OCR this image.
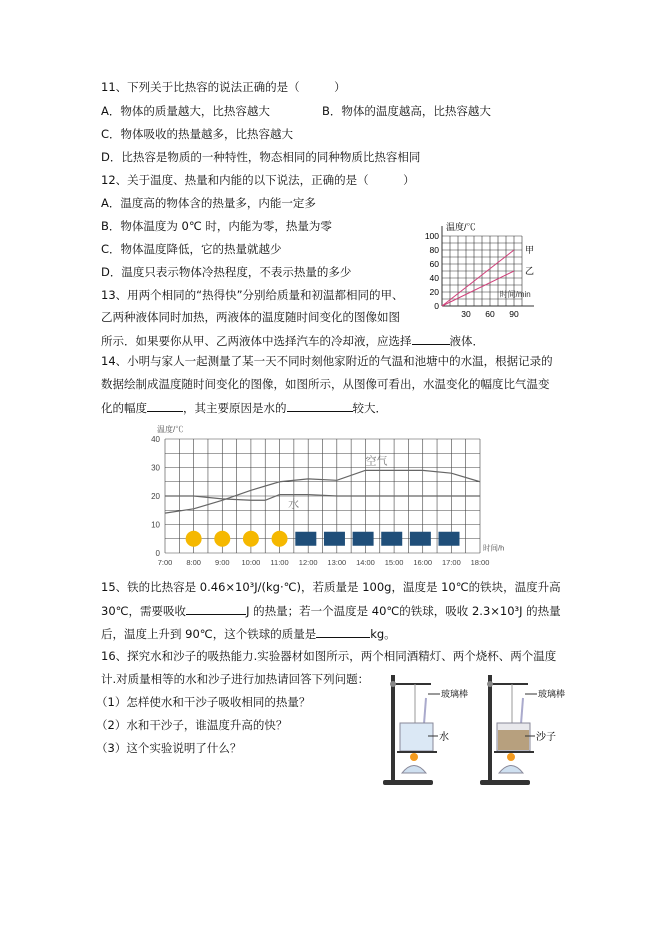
11、下列关于比热容的说法正确的是（　　　）
A．物体的质量越大，比热容越大	B．物体的温度越高，比热容越大
C．物体吸收的热量越多，比热容越大
D．比热容是物质的一种特性，物态相同的同种物质比热容相同
12、关于温度、热量和内能的以下说法，正确的是（　　　）
A．温度高的物体含的热量多，内能一定多
B．物体温度为 0℃ 时，内能为零，热量为零
C．物体温度降低，它的热量就越少
D．温度只表示物体冷热程度，不表示热量的多少
13、用两个相同的“热得快”分别给质量和初温都相同的甲、
乙两种液体同时加热，两液体的温度随时间变化的图像如图
所示．如果要你从甲、乙两液体中选择汽车的冷却液，应选择	液体．
温度/℃
时间/min
0
20
40
60
80
100
30 60 90
甲
乙
14、小明与家人一起测量了某一天不同时刻他家附近的气温和池塘中的水温，根据记录的
数据绘制成温度随时间变化的图像，如图所示，从图像可看出，水温变化的幅度比气温变
化的幅度	，其主要原因是水的	较大．
温度/℃
时间/h
0
10
20
30
40
7:00 8:00 9:00 10:00 11:00 12:00 13:00 14:00 15:00 16:00 17:00 18:00
空气
水
15、铁的比热容是 0.46×10³J/(kg·℃)，若质量是 100g，温度是 10℃的铁块，温度升高
30℃，需要吸收	J 的热量；若一个温度是 40℃的铁球，吸收 2.3×10³J 的热量
后，温度上升到 90℃，这个铁球的质量是	kg。
16、探究水和沙子的吸热能力.实验器材如图所示，两个相同酒精灯、两个烧杯、两个温度
计.对质量相等的水和沙子进行加热请回答下列问题：
（1）怎样使水和干沙子吸收相同的热量？
（2）水和干沙子，谁温度升高的快？
（3）这个实验说明了什么？
玻璃棒
水
玻璃棒
沙子
